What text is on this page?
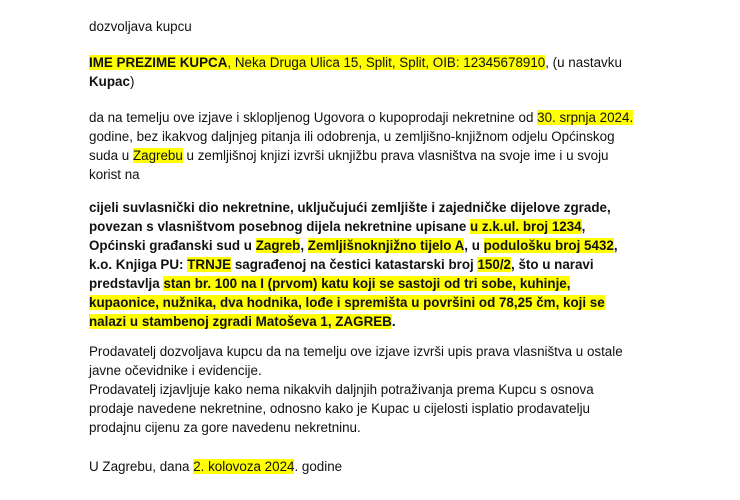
dozvoljava kupcu
IME PREZIME KUPCA, Neka Druga Ulica 15, Split, Split, OIB: 12345678910, (u nastavku
Kupac)
da na temelju ove izjave i sklopljenog Ugovora o kupoprodaji nekretnine od 30. srpnja 2024.
godine, bez ikakvog daljnjeg pitanja ili odobrenja, u zemljišno-knjižnom odjelu Općinskog
suda u Zagrebu u zemljišnoj knjizi izvrši uknjižbu prava vlasništva na svoje ime i u svoju
korist na
cijeli suvlasnički dio nekretnine, uključujući zemljište i zajedničke dijelove zgrade,
povezan s vlasništvom posebnog dijela nekretnine upisane u z.k.ul. broj 1234,
Općinski građanski sud u Zagreb, Zemljišnoknjižno tijelo A, u podulošku broj 5432,
k.o. Knjiga PU: TRNJE sagrađenoj na čestici katastarski broj 150/2, što u naravi
predstavlja stan br. 100 na I (prvom) katu koji se sastoji od tri sobe, kuhinje,
kupaonice, nužnika, dva hodnika, lođe i spremišta u površini od 78,25 čm, koji se
nalazi u stambenoj zgradi Matoševa 1, ZAGREB.
Prodavatelj dozvoljava kupcu da na temelju ove izjave izvrši upis prava vlasništva u ostale
javne očevidnike i evidencije.
Prodavatelj izjavljuje kako nema nikakvih daljnjih potraživanja prema Kupcu s osnova
prodaje navedene nekretnine, odnosno kako je Kupac u cijelosti isplatio prodavatelju
prodajnu cijenu za gore navedenu nekretninu.
U Zagrebu, dana 2. kolovoza 2024. godine
